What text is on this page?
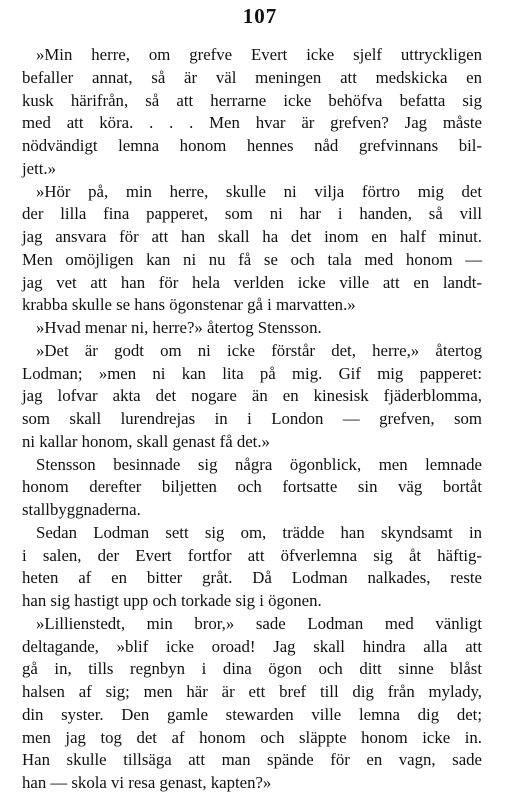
107
»Min herre, om grefve Evert icke sjelf uttryckligen
befaller annat, så är väl meningen att medskicka en
kusk härifrån, så att herrarne icke behöfva befatta sig
med att köra. . . . Men hvar är grefven? Jag måste
nödvändigt lemna honom hennes nåd grefvinnans bil-
jett.»
»Hör på, min herre, skulle ni vilja förtro mig det
der lilla fina papperet, som ni har i handen, så vill
jag ansvara för att han skall ha det inom en half minut.
Men omöjligen kan ni nu få se och tala med honom —
jag vet att han för hela verlden icke ville att en landt-
krabba skulle se hans ögonstenar gå i marvatten.»
»Hvad menar ni, herre?» återtog Stensson.
»Det är godt om ni icke förstår det, herre,» återtog
Lodman; »men ni kan lita på mig. Gif mig papperet:
jag lofvar akta det nogare än en kinesisk fjäderblomma,
som skall lurendrejas in i London — grefven, som
ni kallar honom, skall genast få det.»
Stensson besinnade sig några ögonblick, men lemnade
honom derefter biljetten och fortsatte sin väg bortåt
stallbyggnaderna.
Sedan Lodman sett sig om, trädde han skyndsamt in
i salen, der Evert fortfor att öfverlemna sig åt häftig-
heten af en bitter gråt. Då Lodman nalkades, reste
han sig hastigt upp och torkade sig i ögonen.
»Lillienstedt, min bror,» sade Lodman med vänligt
deltagande, »blif icke oroad! Jag skall hindra alla att
gå in, tills regnbyn i dina ögon och ditt sinne blåst
halsen af sig; men här är ett bref till dig från mylady,
din syster. Den gamle stewarden ville lemna dig det;
men jag tog det af honom och släppte honom icke in.
Han skulle tillsäga att man spände för en vagn, sade
han — skola vi resa genast, kapten?»
